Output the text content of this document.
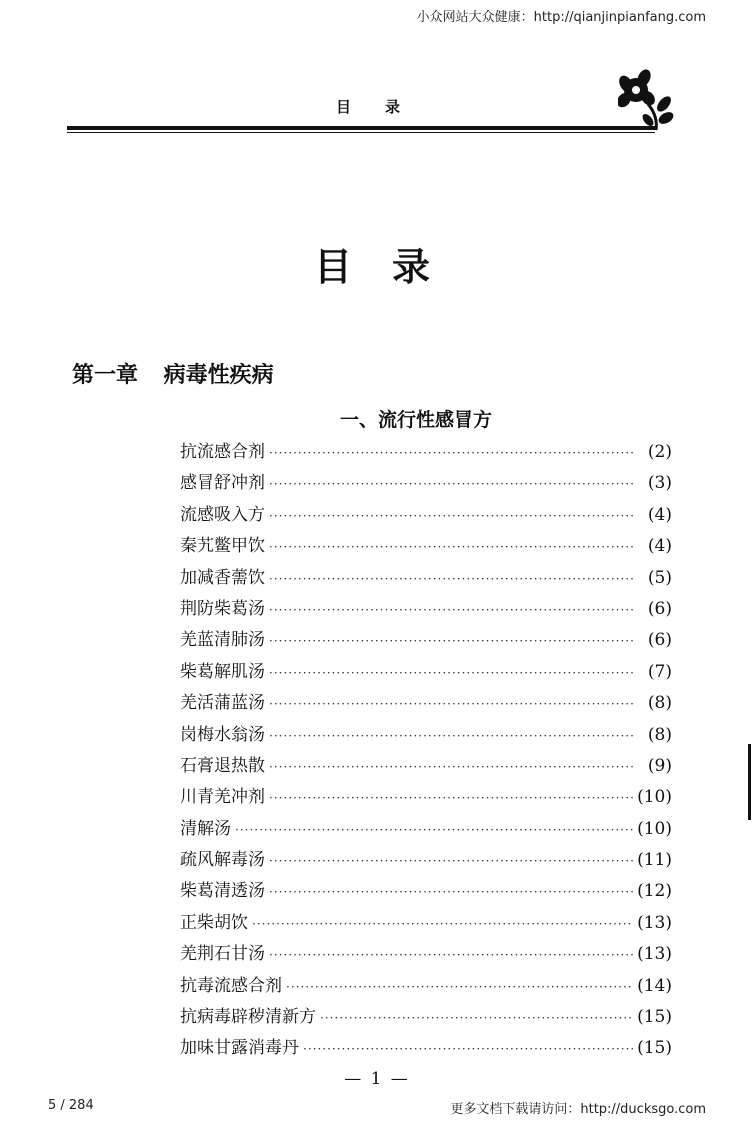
小众网站大众健康：http://qianjinpianfang.com
目录
目录
第一章 病毒性疾病
一、流行性感冒方
抗流感合剂 ·····	(2)
感冒舒冲剂 ·····	(3)
流感吸入方 ·····	(4)
秦艽鳖甲饮 ·····	(4)
加减香薷饮 ·····	(5)
荆防柴葛汤 ·····	(6)
羌蓝清肺汤 ·····	(6)
柴葛解肌汤 ·····	(7)
羌活蒲蓝汤 ·····	(8)
岗梅水翁汤 ·····	(8)
石膏退热散 ·····	(9)
川青羌冲剂 ·····	(10)
清解汤 ·····	(10)
疏风解毒汤 ·····	(11)
柴葛清透汤 ·····	(12)
正柴胡饮 ·····	(13)
羌荆石甘汤 ·····	(13)
抗毒流感合剂 ·····	(14)
抗病毒辟秽清新方 ·····	(15)
加味甘露消毒丹 ·····	(15)
— 1 —
5 / 284	更多文档下载请访问：http://ducksgo.com
